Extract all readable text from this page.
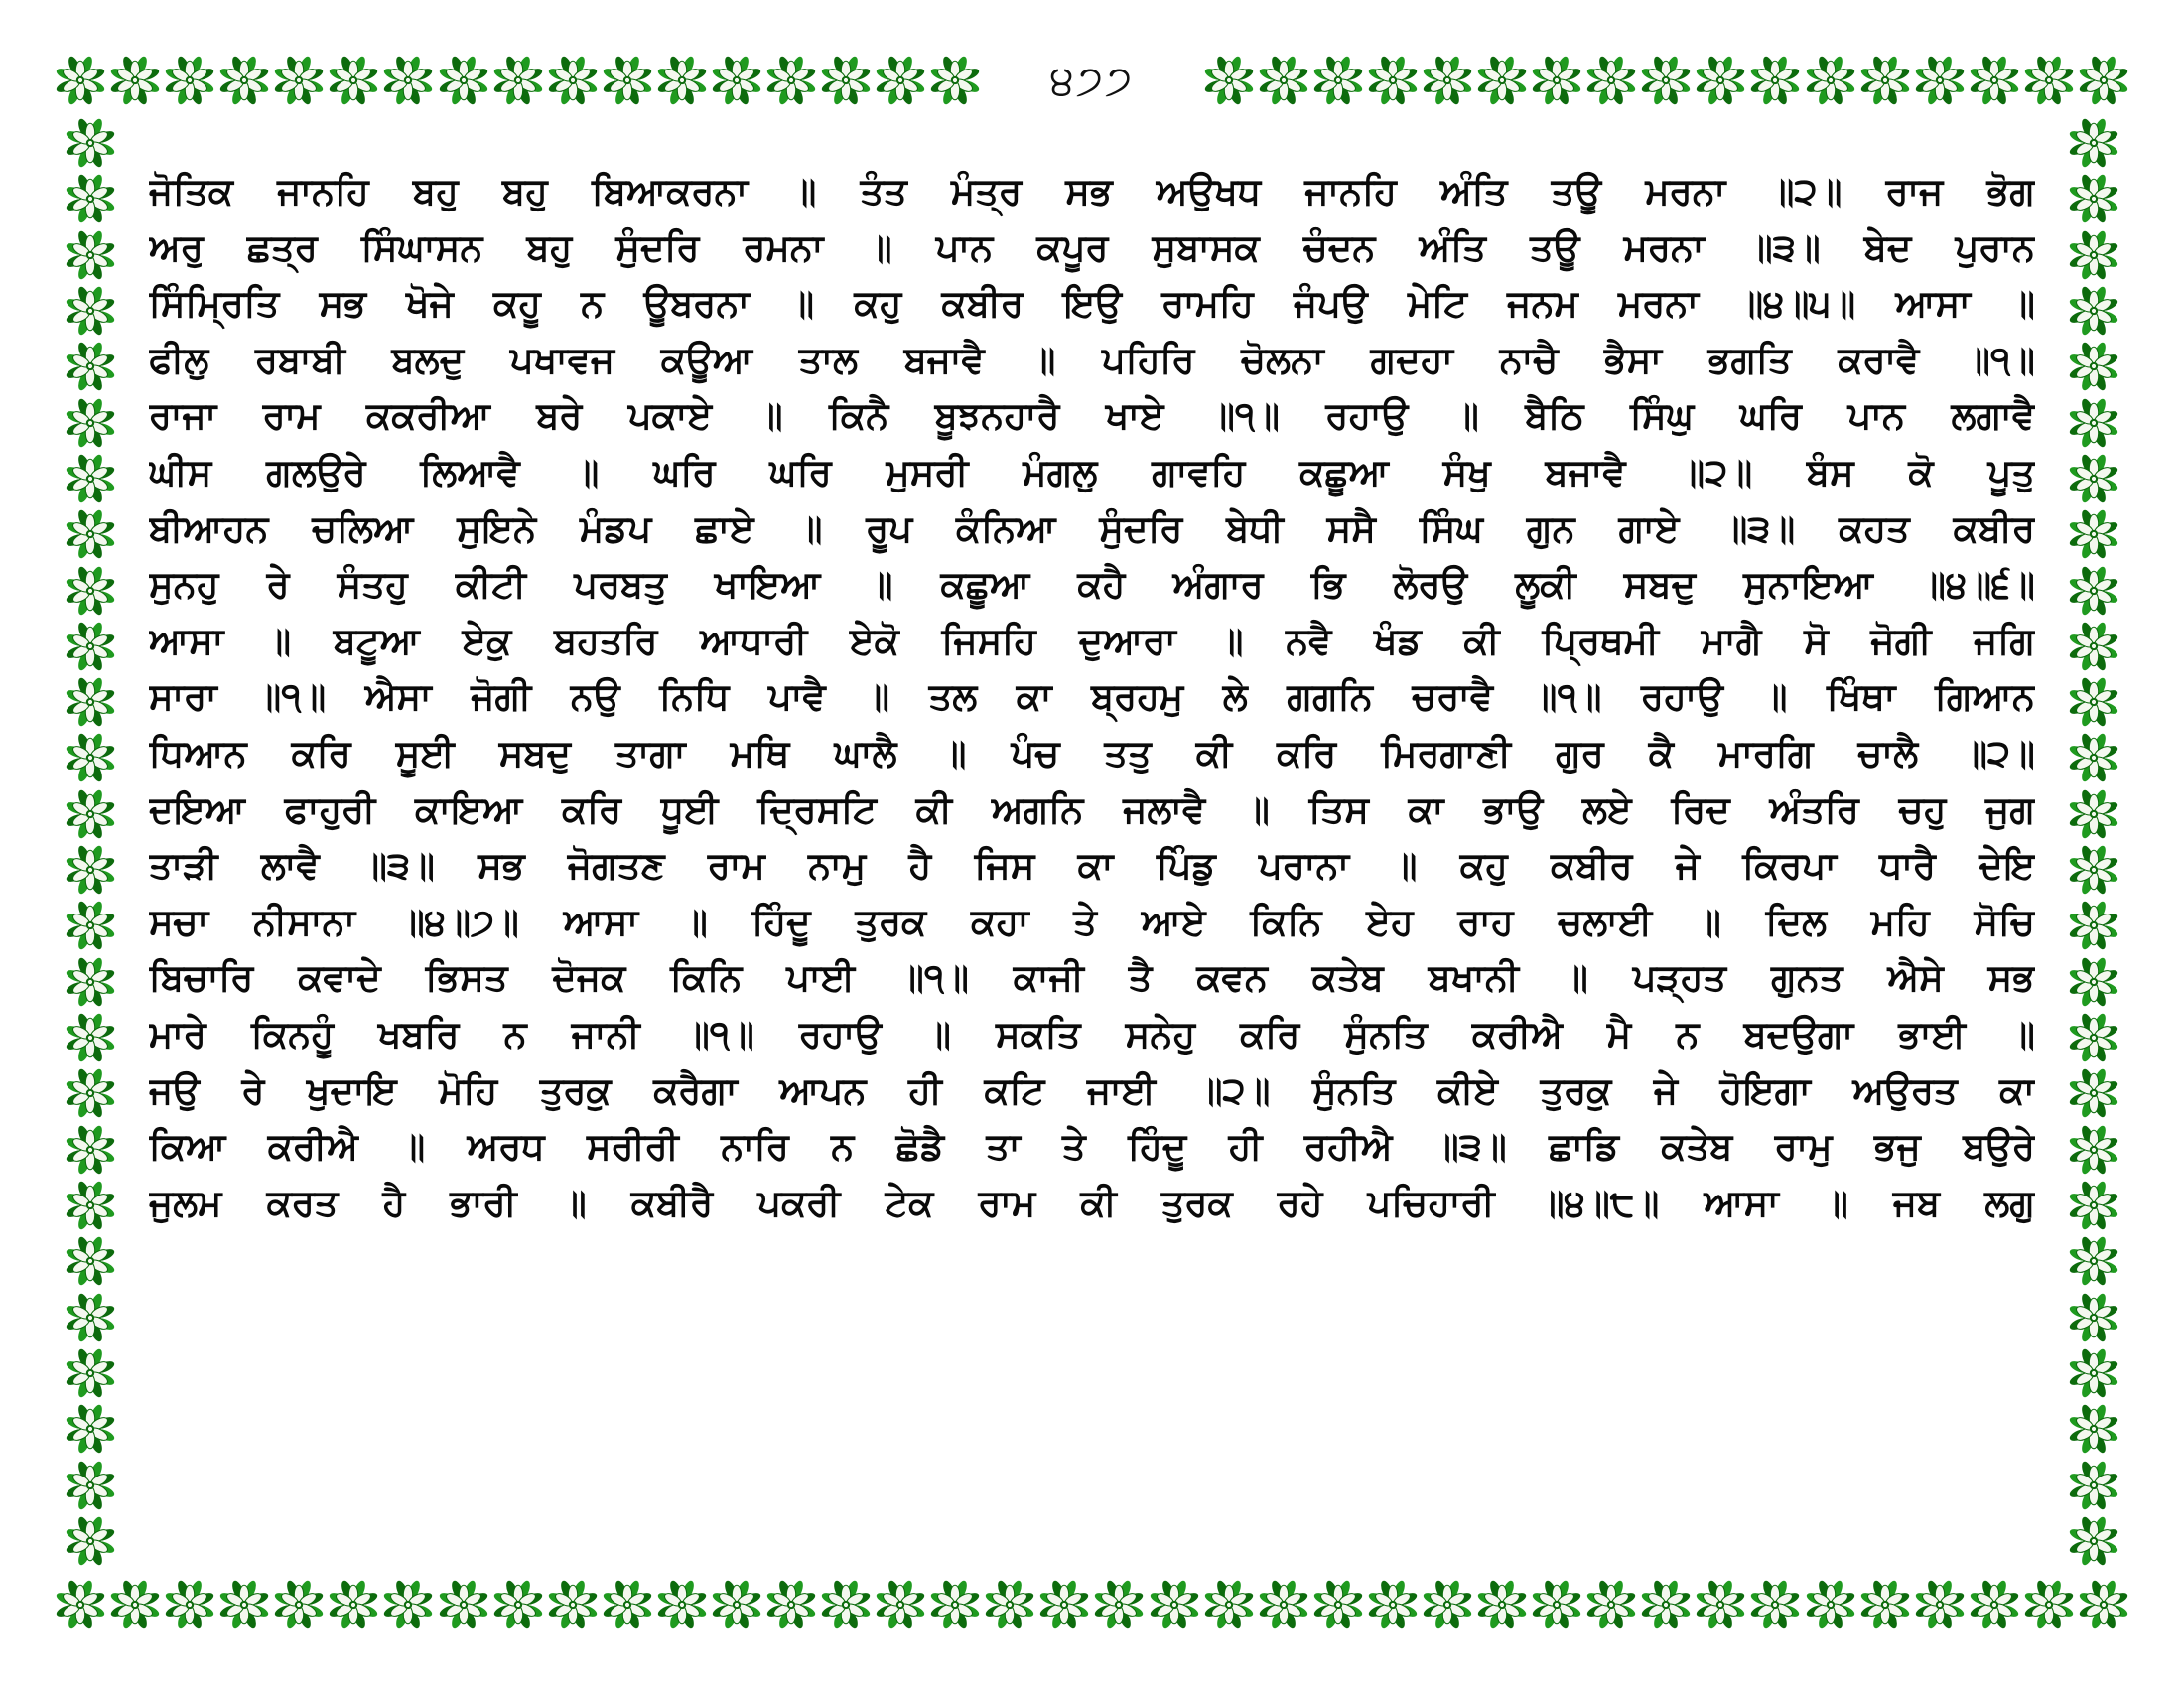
੪੭੭
ਜੋਤਿਕ ਜਾਨਹਿ ਬਹੁ ਬਹੁ ਬਿਆਕਰਨਾ ॥ ਤੰਤ ਮੰਤ੍ਰ ਸਭ ਅਉਖਧ ਜਾਨਹਿ ਅੰਤਿ ਤਊ ਮਰਨਾ ॥੨॥ ਰਾਜ ਭੋਗ
ਅਰੁ ਛਤ੍ਰ ਸਿੰਘਾਸਨ ਬਹੁ ਸੁੰਦਰਿ ਰਮਨਾ ॥ ਪਾਨ ਕਪੂਰ ਸੁਬਾਸਕ ਚੰਦਨ ਅੰਤਿ ਤਊ ਮਰਨਾ ॥੩॥ ਬੇਦ ਪੁਰਾਨ
ਸਿੰਮ੍ਰਿਤਿ ਸਭ ਖੋਜੇ ਕਹੂ ਨ ਊਬਰਨਾ ॥ ਕਹੁ ਕਬੀਰ ਇਉ ਰਾਮਹਿ ਜੰਪਉ ਮੇਟਿ ਜਨਮ ਮਰਨਾ ॥੪॥੫॥ ਆਸਾ ॥
ਫੀਲੁ ਰਬਾਬੀ ਬਲਦੁ ਪਖਾਵਜ ਕਊਆ ਤਾਲ ਬਜਾਵੈ ॥ ਪਹਿਰਿ ਚੋਲਨਾ ਗਦਹਾ ਨਾਚੈ ਭੈਸਾ ਭਗਤਿ ਕਰਾਵੈ ॥੧॥
ਰਾਜਾ ਰਾਮ ਕਕਰੀਆ ਬਰੇ ਪਕਾਏ ॥ ਕਿਨੈ ਬੂਝਨਹਾਰੈ ਖਾਏ ॥੧॥ ਰਹਾਉ ॥ ਬੈਠਿ ਸਿੰਘੁ ਘਰਿ ਪਾਨ ਲਗਾਵੈ
ਘੀਸ ਗਲਉਰੇ ਲਿਆਵੈ ॥ ਘਰਿ ਘਰਿ ਮੁਸਰੀ ਮੰਗਲੁ ਗਾਵਹਿ ਕਛੂਆ ਸੰਖੁ ਬਜਾਵੈ ॥੨॥ ਬੰਸ ਕੋ ਪੂਤੁ
ਬੀਆਹਨ ਚਲਿਆ ਸੁਇਨੇ ਮੰਡਪ ਛਾਏ ॥ ਰੂਪ ਕੰਨਿਆ ਸੁੰਦਰਿ ਬੇਧੀ ਸਸੈ ਸਿੰਘ ਗੁਨ ਗਾਏ ॥੩॥ ਕਹਤ ਕਬੀਰ
ਸੁਨਹੁ ਰੇ ਸੰਤਹੁ ਕੀਟੀ ਪਰਬਤੁ ਖਾਇਆ ॥ ਕਛੂਆ ਕਹੈ ਅੰਗਾਰ ਭਿ ਲੋਰਉ ਲੂਕੀ ਸਬਦੁ ਸੁਨਾਇਆ ॥੪॥੬॥
ਆਸਾ ॥ ਬਟੂਆ ਏਕੁ ਬਹਤਰਿ ਆਧਾਰੀ ਏਕੋ ਜਿਸਹਿ ਦੁਆਰਾ ॥ ਨਵੈ ਖੰਡ ਕੀ ਪ੍ਰਿਥਮੀ ਮਾਗੈ ਸੋ ਜੋਗੀ ਜਗਿ
ਸਾਰਾ ॥੧॥ ਐਸਾ ਜੋਗੀ ਨਉ ਨਿਧਿ ਪਾਵੈ ॥ ਤਲ ਕਾ ਬ੍ਰਹਮੁ ਲੇ ਗਗਨਿ ਚਰਾਵੈ ॥੧॥ ਰਹਾਉ ॥ ਖਿੰਥਾ ਗਿਆਨ
ਧਿਆਨ ਕਰਿ ਸੂਈ ਸਬਦੁ ਤਾਗਾ ਮਥਿ ਘਾਲੈ ॥ ਪੰਚ ਤਤੁ ਕੀ ਕਰਿ ਮਿਰਗਾਣੀ ਗੁਰ ਕੈ ਮਾਰਗਿ ਚਾਲੈ ॥੨॥
ਦਇਆ ਫਾਹੁਰੀ ਕਾਇਆ ਕਰਿ ਧੂਈ ਦ੍ਰਿਸਟਿ ਕੀ ਅਗਨਿ ਜਲਾਵੈ ॥ ਤਿਸ ਕਾ ਭਾਉ ਲਏ ਰਿਦ ਅੰਤਰਿ ਚਹੁ ਜੁਗ
ਤਾੜੀ ਲਾਵੈ ॥੩॥ ਸਭ ਜੋਗਤਣ ਰਾਮ ਨਾਮੁ ਹੈ ਜਿਸ ਕਾ ਪਿੰਡੁ ਪਰਾਨਾ ॥ ਕਹੁ ਕਬੀਰ ਜੇ ਕਿਰਪਾ ਧਾਰੈ ਦੇਇ
ਸਚਾ ਨੀਸਾਨਾ ॥੪॥੭॥ ਆਸਾ ॥ ਹਿੰਦੂ ਤੁਰਕ ਕਹਾ ਤੇ ਆਏ ਕਿਨਿ ਏਹ ਰਾਹ ਚਲਾਈ ॥ ਦਿਲ ਮਹਿ ਸੋਚਿ
ਬਿਚਾਰਿ ਕਵਾਦੇ ਭਿਸਤ ਦੋਜਕ ਕਿਨਿ ਪਾਈ ॥੧॥ ਕਾਜੀ ਤੈ ਕਵਨ ਕਤੇਬ ਬਖਾਨੀ ॥ ਪੜ੍ਹਤ ਗੁਨਤ ਐਸੇ ਸਭ
ਮਾਰੇ ਕਿਨਹੂੰ ਖਬਰਿ ਨ ਜਾਨੀ ॥੧॥ ਰਹਾਉ ॥ ਸਕਤਿ ਸਨੇਹੁ ਕਰਿ ਸੁੰਨਤਿ ਕਰੀਐ ਮੈ ਨ ਬਦਉਗਾ ਭਾਈ ॥
ਜਉ ਰੇ ਖੁਦਾਇ ਮੋਹਿ ਤੁਰਕੁ ਕਰੈਗਾ ਆਪਨ ਹੀ ਕਟਿ ਜਾਈ ॥੨॥ ਸੁੰਨਤਿ ਕੀਏ ਤੁਰਕੁ ਜੇ ਹੋਇਗਾ ਅਉਰਤ ਕਾ
ਕਿਆ ਕਰੀਐ ॥ ਅਰਧ ਸਰੀਰੀ ਨਾਰਿ ਨ ਛੋਡੈ ਤਾ ਤੇ ਹਿੰਦੂ ਹੀ ਰਹੀਐ ॥੩॥ ਛਾਡਿ ਕਤੇਬ ਰਾਮੁ ਭਜੁ ਬਉਰੇ
ਜੁਲਮ ਕਰਤ ਹੈ ਭਾਰੀ ॥ ਕਬੀਰੈ ਪਕਰੀ ਟੇਕ ਰਾਮ ਕੀ ਤੁਰਕ ਰਹੇ ਪਚਿਹਾਰੀ ॥੪॥੮॥ ਆਸਾ ॥ ਜਬ ਲਗੁ
